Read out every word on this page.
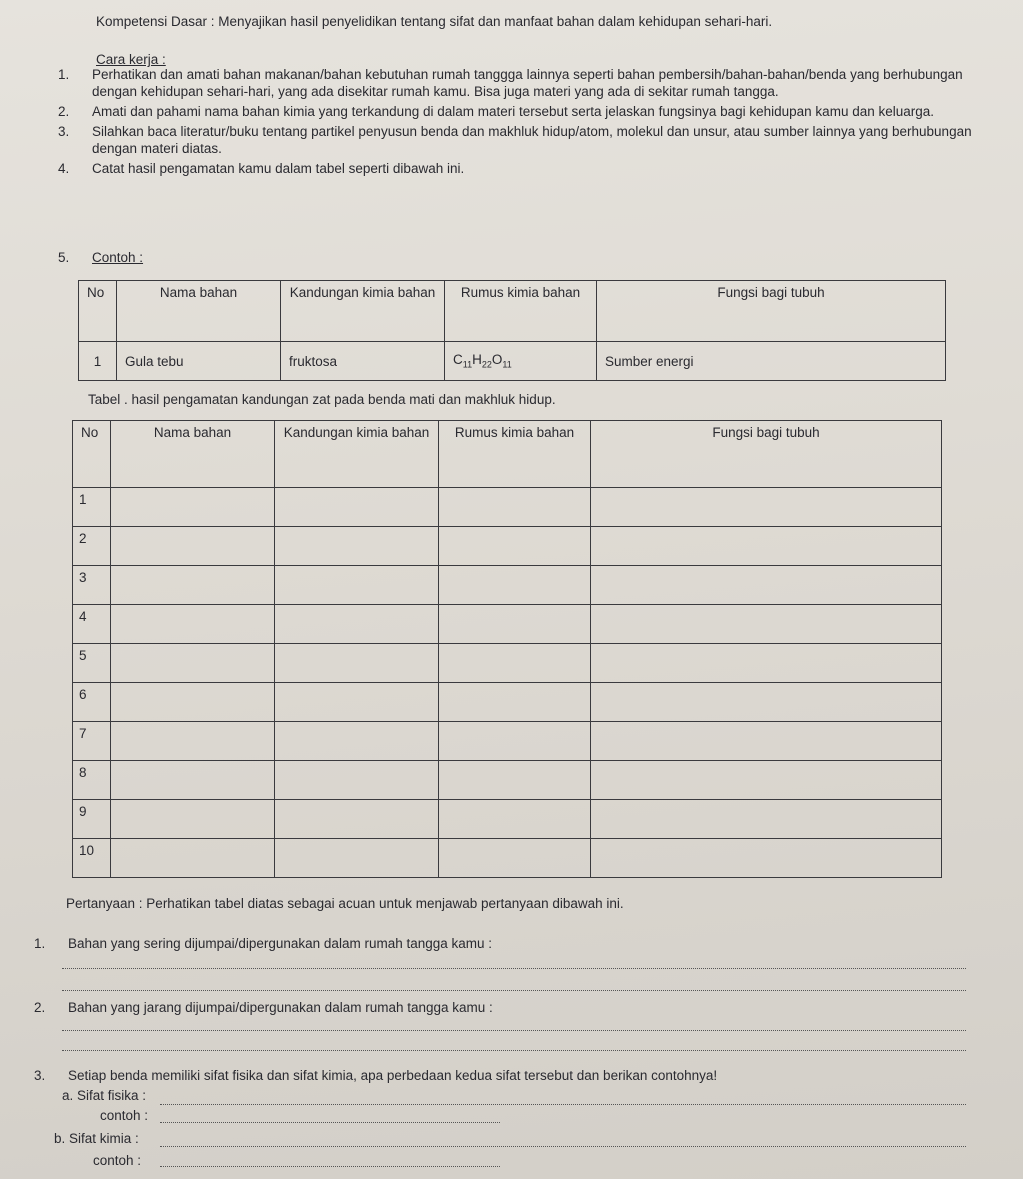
Kompetensi Dasar : Menyajikan hasil penyelidikan tentang sifat dan manfaat bahan dalam kehidupan sehari-hari.
Cara kerja :
1.	Perhatikan dan amati bahan makanan/bahan kebutuhan rumah tanggga lainnya seperti bahan pembersih/bahan-bahan/benda yang berhubungan dengan kehidupan sehari-hari, yang ada disekitar rumah kamu. Bisa juga materi yang ada di sekitar rumah tangga.
2.	Amati dan pahami nama bahan kimia yang terkandung di dalam materi tersebut serta jelaskan fungsinya bagi kehidupan kamu dan keluarga.
3.	Silahkan baca literatur/buku tentang partikel penyusun benda dan makhluk hidup/atom, molekul dan unsur, atau sumber lainnya yang berhubungan dengan materi diatas.
4.	Catat hasil pengamatan kamu dalam tabel seperti dibawah ini.
5. Contoh :
No	Nama bahan	Kandungan kimia bahan	Rumus kimia bahan	Fungsi bagi tubuh
1	Gula tebu	fruktosa	$C_{11}H_{22}O_{11}$	Sumber energi
Tabel . hasil pengamatan kandungan zat pada benda mati dan makhluk hidup.
No	Nama bahan	Kandungan kimia bahan	Rumus kimia bahan	Fungsi bagi tubuh
1				
2				
3				
4				
5				
6				
7				
8				
9				
10				
Pertanyaan : Perhatikan tabel diatas sebagai acuan untuk menjawab pertanyaan dibawah ini.
1. Bahan yang sering dijumpai/dipergunakan dalam rumah tangga kamu :
2. Bahan yang jarang dijumpai/dipergunakan dalam rumah tangga kamu :
3. Setiap benda memiliki sifat fisika dan sifat kimia, apa perbedaan kedua sifat tersebut dan berikan contohnya!
a. Sifat fisika :
contoh :
b. Sifat kimia :
contoh :
